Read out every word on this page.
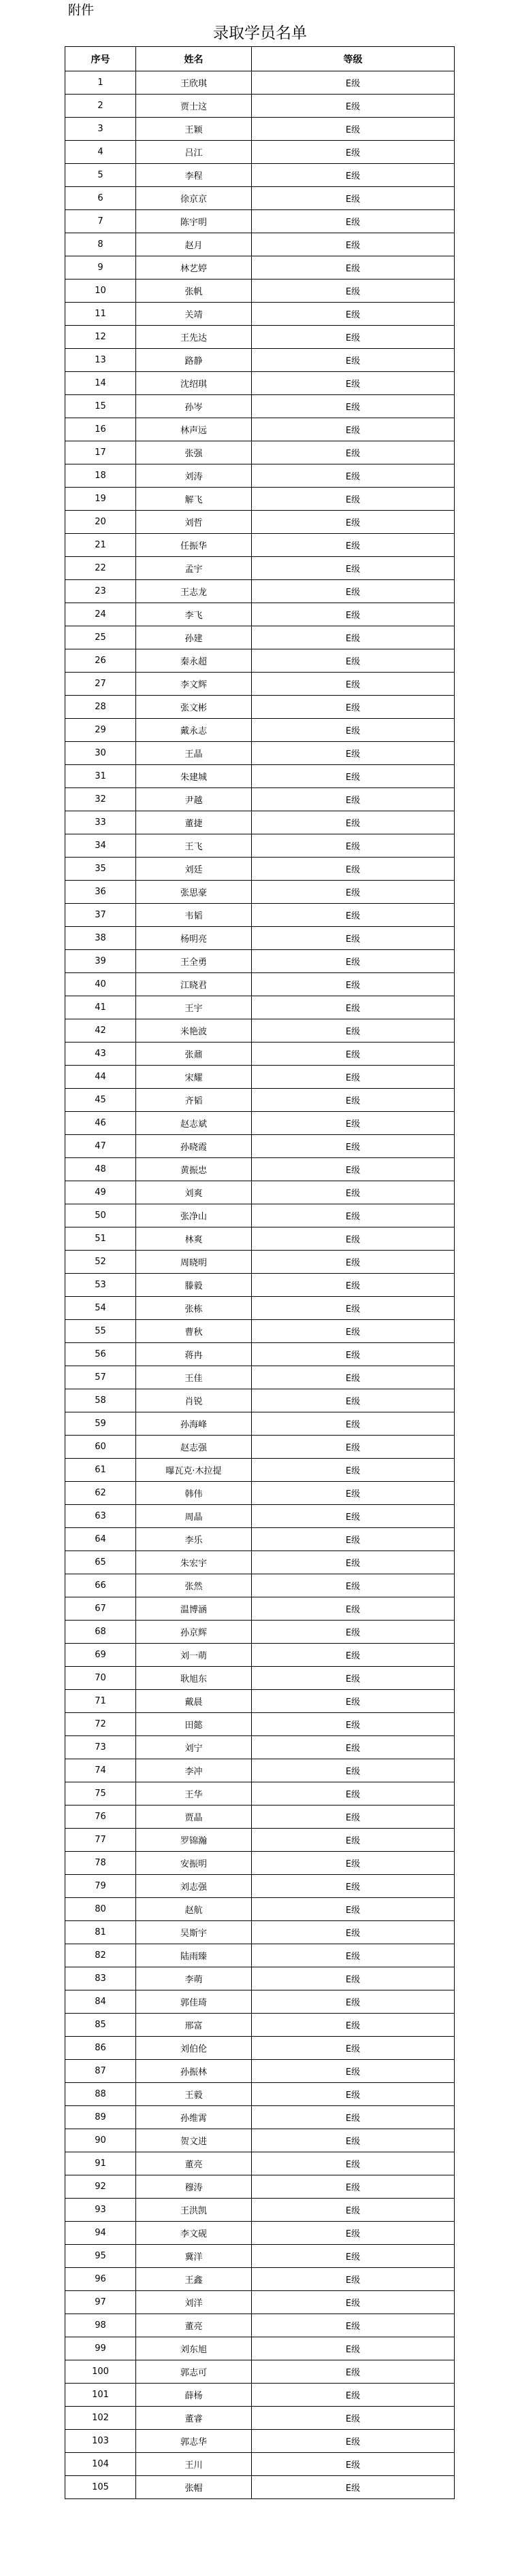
附件
录取学员名单
序号	姓名	等级
1	王欣琪	E级
2	贾士这	E级
3	王颖	E级
4	吕江	E级
5	李程	E级
6	徐京京	E级
7	陈宇明	E级
8	赵月	E级
9	林艺婷	E级
10	张帆	E级
11	关靖	E级
12	王先达	E级
13	路静	E级
14	沈绍琪	E级
15	孙岑	E级
16	林声远	E级
17	张强	E级
18	刘涛	E级
19	解飞	E级
20	刘哲	E级
21	任振华	E级
22	孟宇	E级
23	王志龙	E级
24	李飞	E级
25	孙建	E级
26	秦永超	E级
27	李文辉	E级
28	张文彬	E级
29	戴永志	E级
30	王晶	E级
31	朱建城	E级
32	尹越	E级
33	董捷	E级
34	王飞	E级
35	刘廷	E级
36	张思豪	E级
37	韦韬	E级
38	杨明亮	E级
39	王全勇	E级
40	江晓君	E级
41	王宇	E级
42	米艳波	E级
43	张鼐	E级
44	宋耀	E级
45	齐韬	E级
46	赵志斌	E级
47	孙晓霞	E级
48	黄振忠	E级
49	刘爽	E级
50	张净山	E级
51	林爽	E级
52	周晓明	E级
53	滕毅	E级
54	张栋	E级
55	曹秋	E级
56	蒋冉	E级
57	王佳	E级
58	肖锐	E级
59	孙海峰	E级
60	赵志强	E级
61	曝瓦克·木拉提	E级
62	韩伟	E级
63	周晶	E级
64	李乐	E级
65	朱宏宇	E级
66	张然	E级
67	温博涵	E级
68	孙京辉	E级
69	刘一萌	E级
70	耿旭东	E级
71	戴晨	E级
72	田懿	E级
73	刘宁	E级
74	李冲	E级
75	王华	E级
76	贾晶	E级
77	罗锦瀚	E级
78	安振明	E级
79	刘志强	E级
80	赵航	E级
81	吴斯宇	E级
82	陆雨臻	E级
83	李萌	E级
84	郭佳琦	E级
85	邢富	E级
86	刘伯伦	E级
87	孙振林	E级
88	王毅	E级
89	孙维霄	E级
90	贺文进	E级
91	董亮	E级
92	穆涛	E级
93	王洪凯	E级
94	李文砚	E级
95	冀洋	E级
96	王鑫	E级
97	刘洋	E级
98	董亮	E级
99	刘东旭	E级
100	郭志可	E级
101	薛杨	E级
102	董睿	E级
103	郭志华	E级
104	王川	E级
105	张帽	E级
